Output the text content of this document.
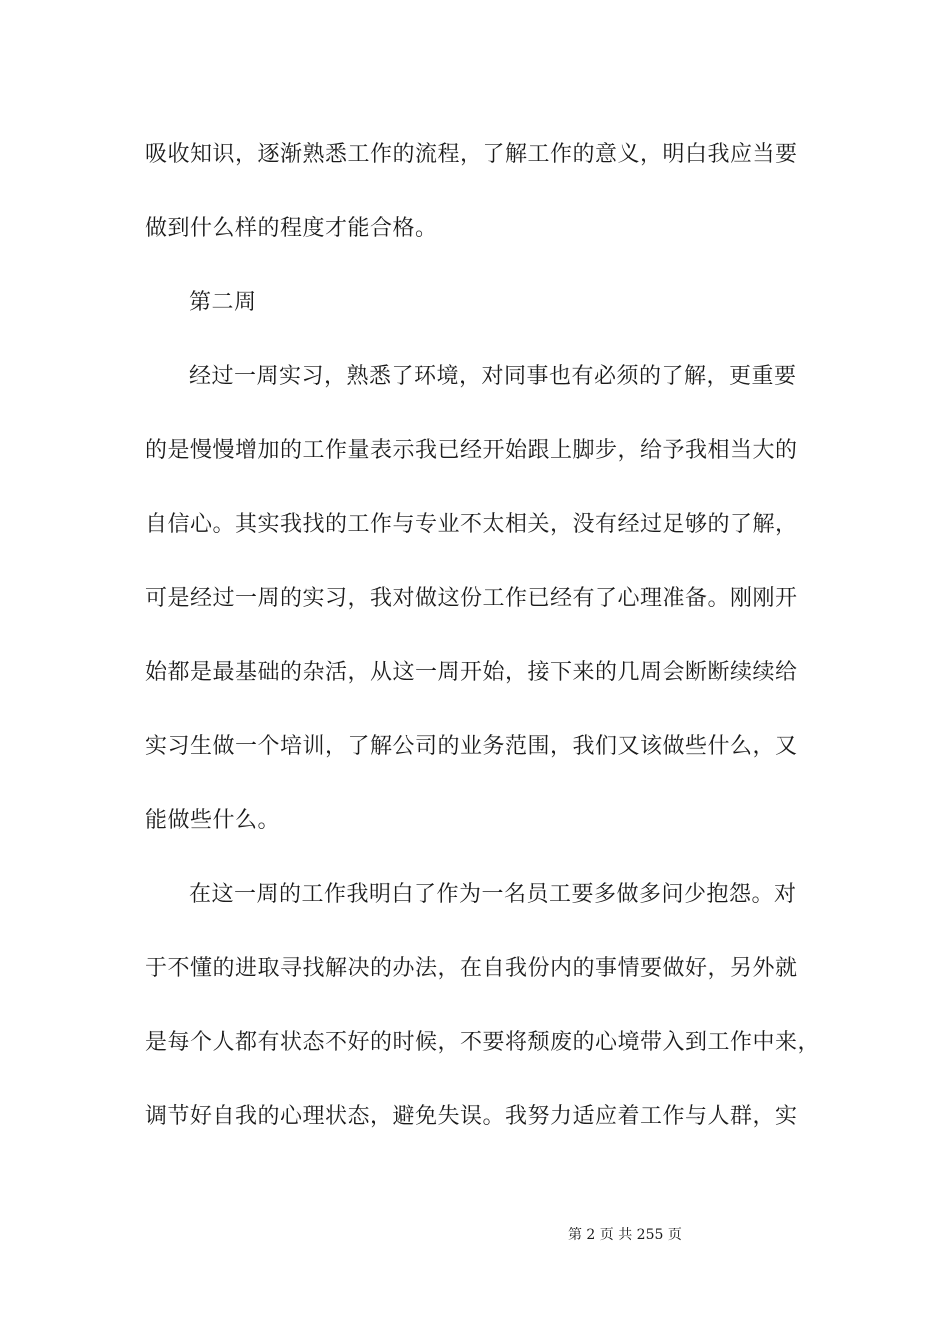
吸收知识，逐渐熟悉工作的流程，了解工作的意义，明白我应当要
做到什么样的程度才能合格。
第二周
经过一周实习，熟悉了环境，对同事也有必须的了解，更重要
的是慢慢增加的工作量表示我已经开始跟上脚步，给予我相当大的
自信心。其实我找的工作与专业不太相关，没有经过足够的了解，
可是经过一周的实习，我对做这份工作已经有了心理准备。刚刚开
始都是最基础的杂活，从这一周开始，接下来的几周会断断续续给
实习生做一个培训，了解公司的业务范围，我们又该做些什么，又
能做些什么。
在这一周的工作我明白了作为一名员工要多做多问少抱怨。对
于不懂的进取寻找解决的办法，在自我份内的事情要做好，另外就
是每个人都有状态不好的时候，不要将颓废的心境带入到工作中来，
调节好自我的心理状态，避免失误。我努力适应着工作与人群，实

第 2 页 共 255 页
